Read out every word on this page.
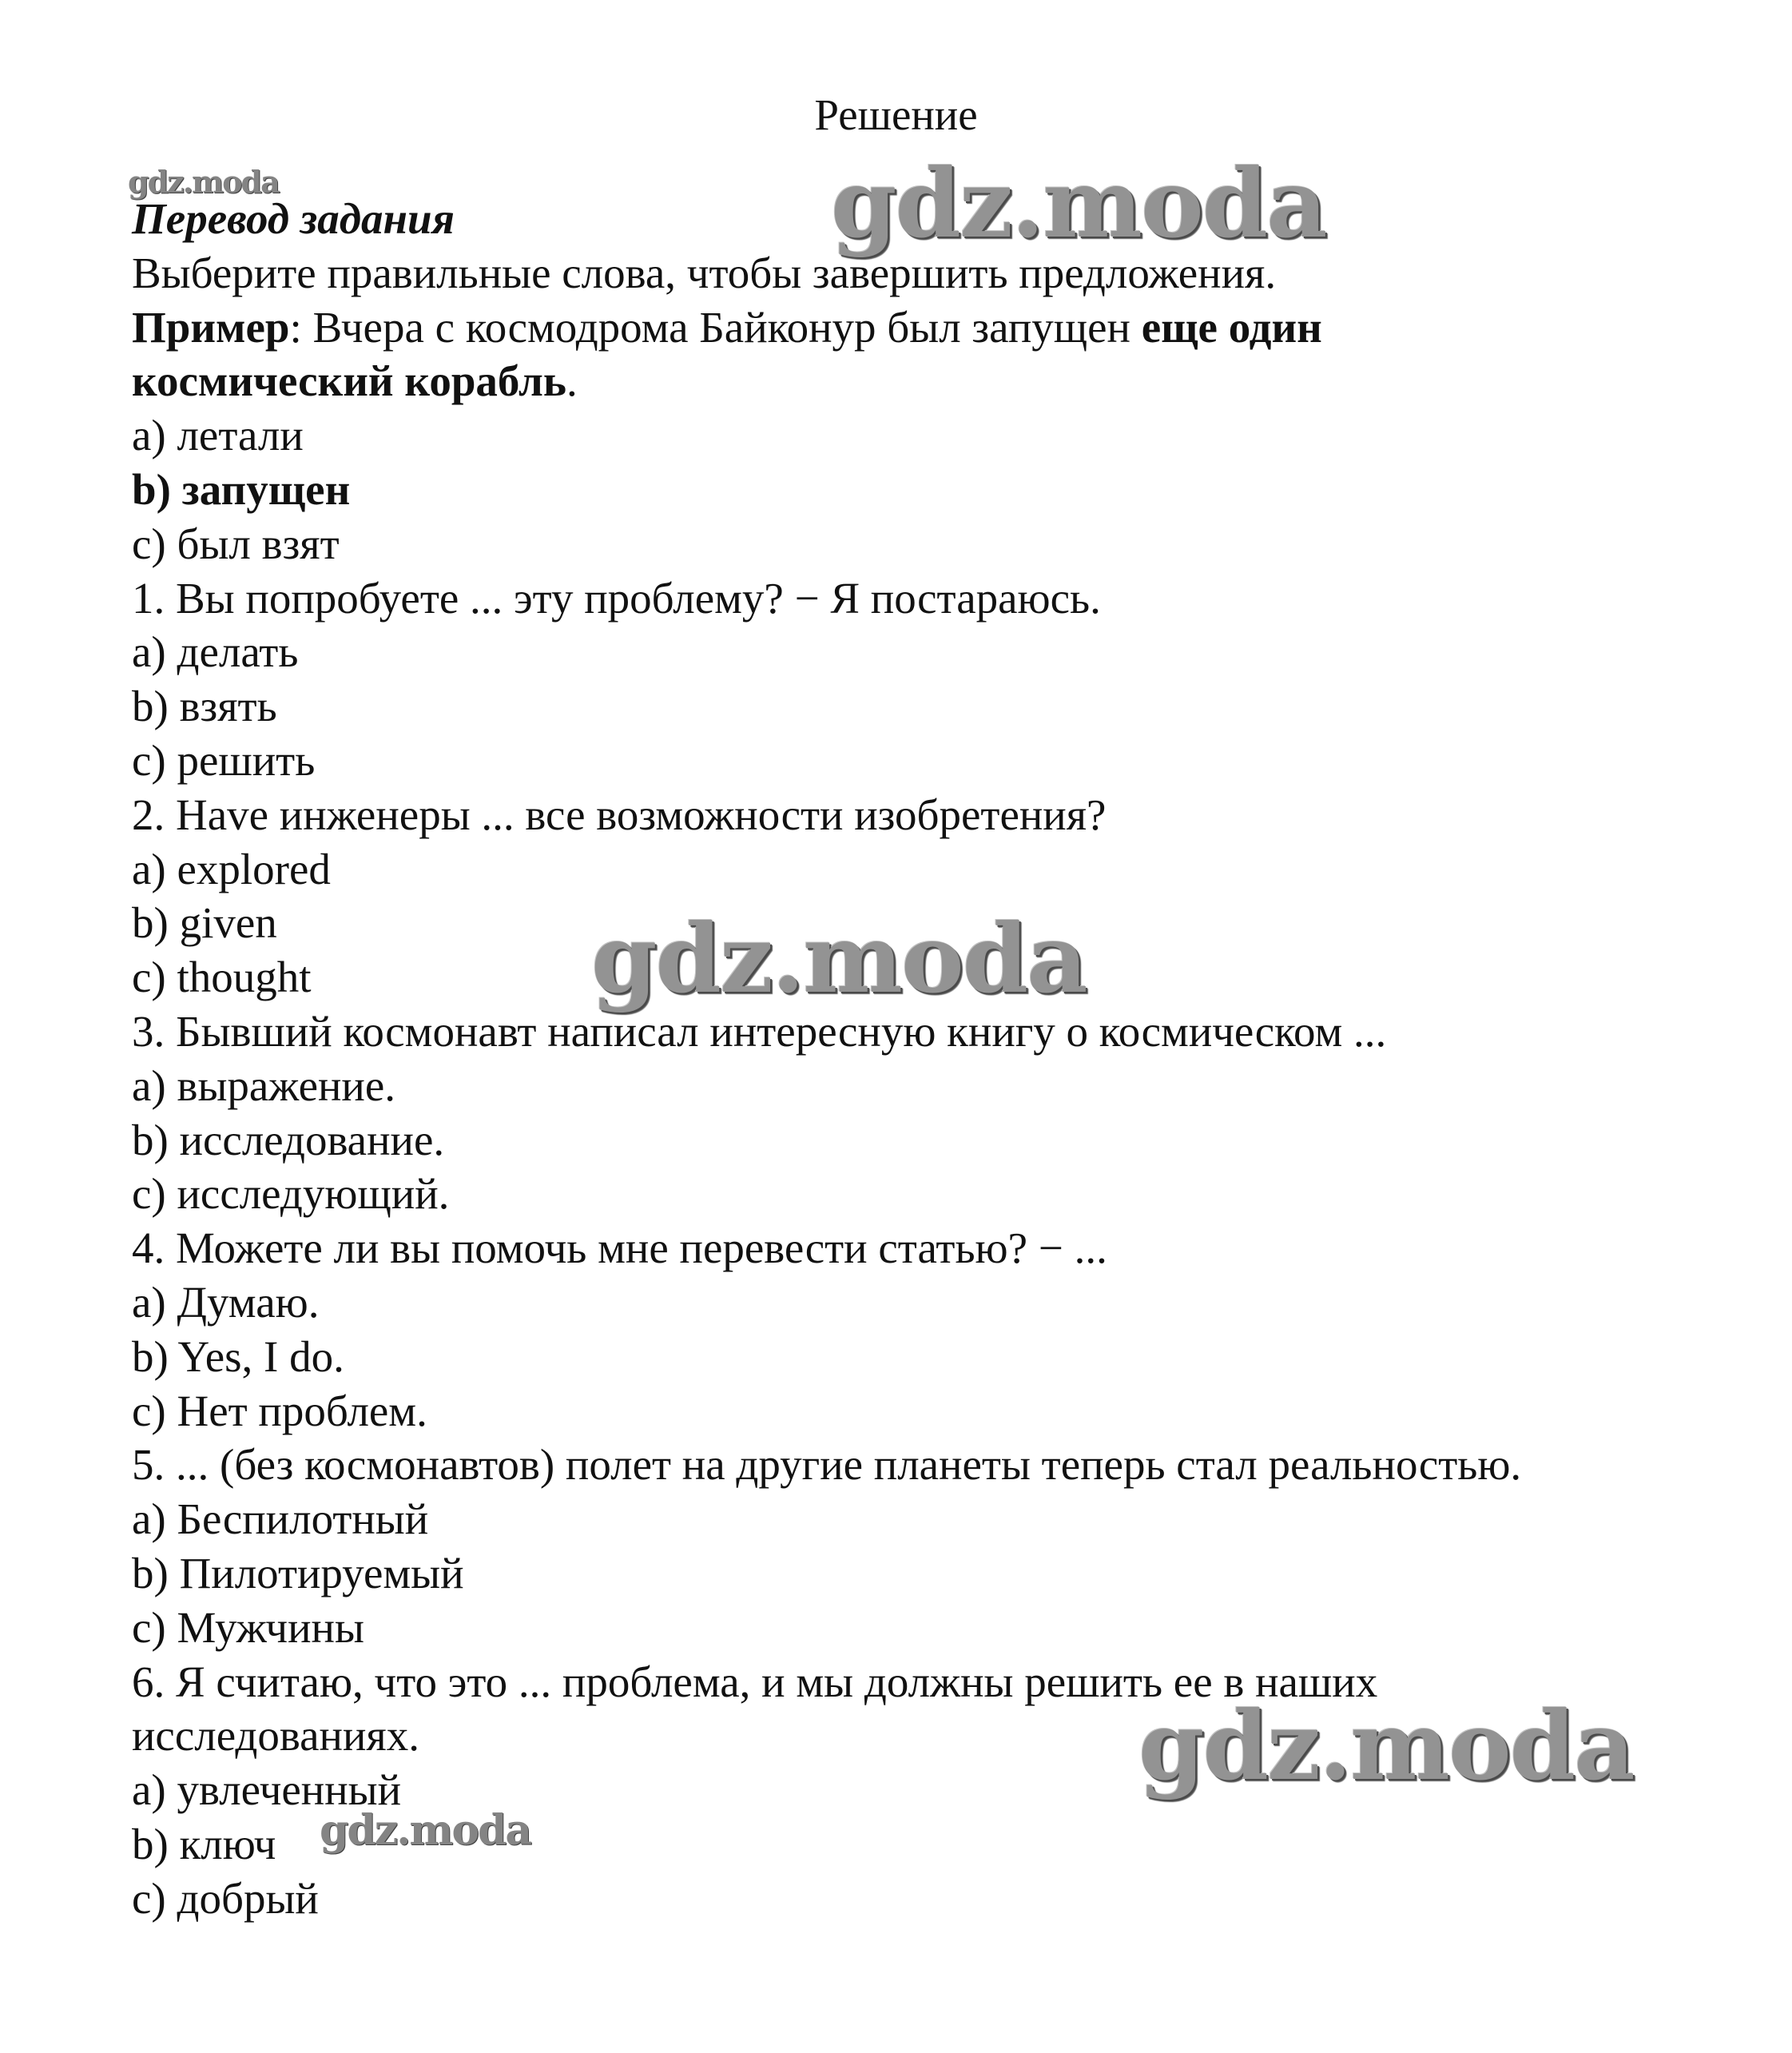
Решение
gdz.moda	gdz.moda
gdz.moda
gdz.moda
gdz.moda
Перевод задания
Выберите правильные слова, чтобы завершить предложения.
Пример: Вчера с космодрома Байконур был запущен еще один
космический корабль.
a) летали
b) запущен
c) был взят
1. Вы попробуете ... эту проблему? − Я постараюсь.
a) делать
b) взять
c) решить
2. Have инженеры ... все возможности изобретения?
a) explored
b) given
c) thought
3. Бывший космонавт написал интересную книгу о космическом ...
a) выражение.
b) исследование.
c) исследующий.
4. Можете ли вы помочь мне перевести статью? − ...
a) Думаю.
b) Yes, I do.
c) Нет проблем.
5. ... (без космонавтов) полет на другие планеты теперь стал реальностью.
a) Беспилотный
b) Пилотируемый
c) Мужчины
6. Я считаю, что это ... проблема, и мы должны решить ее в наших
исследованиях.
a) увлеченный
b) ключ
c) добрый
